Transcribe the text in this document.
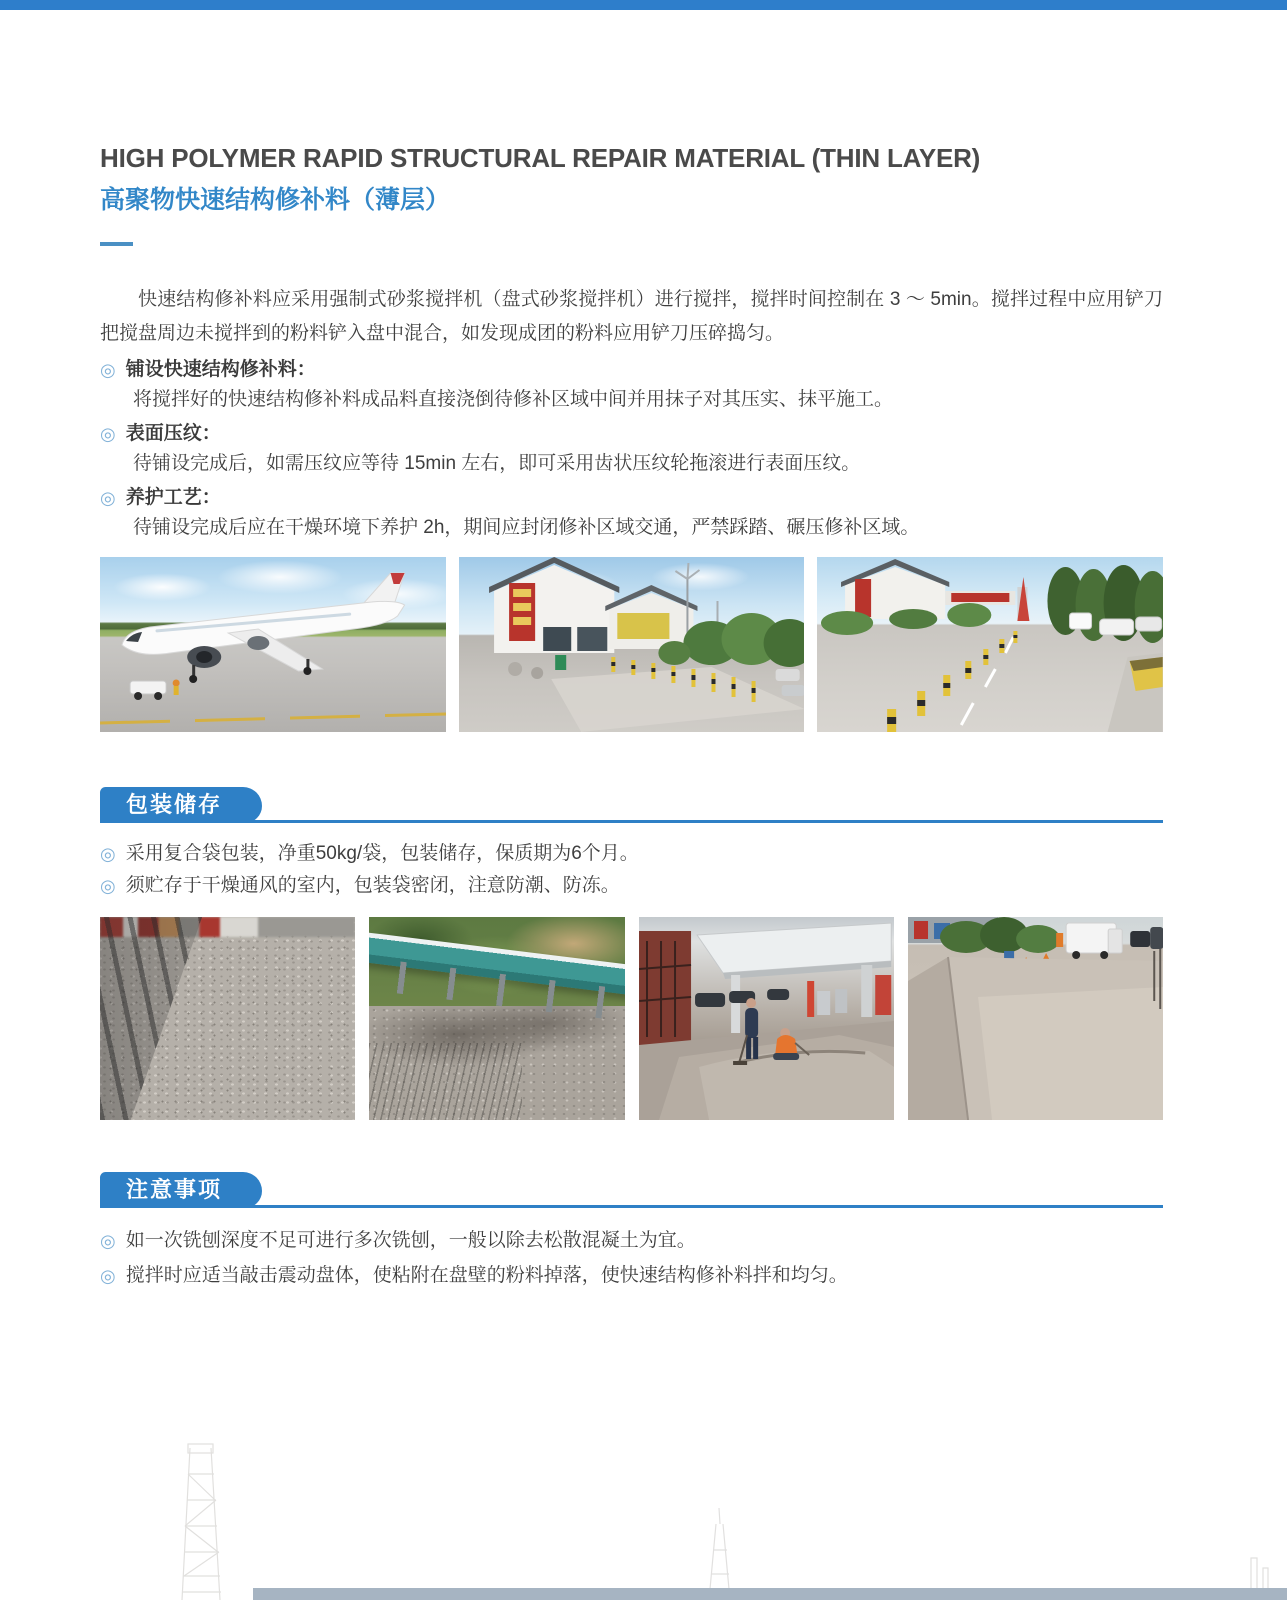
HIGH POLYMER RAPID STRUCTURAL REPAIR MATERIAL (THIN LAYER)
高聚物快速结构修补料（薄层）

快速结构修补料应采用强制式砂浆搅拌机（盘式砂浆搅拌机）进行搅拌，搅拌时间控制在 3 ～ 5min。搅拌过程中应用铲刀把搅盘周边未搅拌到的粉料铲入盘中混合，如发现成团的粉料应用铲刀压碎捣匀。

◎ 铺设快速结构修补料：
将搅拌好的快速结构修补料成品料直接浇倒待修补区域中间并用抹子对其压实、抹平施工。
◎ 表面压纹：
待铺设完成后，如需压纹应等待 15min 左右，即可采用齿状压纹轮拖滚进行表面压纹。
◎ 养护工艺：
待铺设完成后应在干燥环境下养护 2h，期间应封闭修补区域交通，严禁踩踏、碾压修补区域。
包装储存
◎ 采用复合袋包装，净重50kg/袋，包装储存，保质期为6个月。
◎ 须贮存于干燥通风的室内，包装袋密闭，注意防潮、防冻。
注意事项
◎ 如一次铣刨深度不足可进行多次铣刨，一般以除去松散混凝土为宜。
◎ 搅拌时应适当敲击震动盘体，使粘附在盘壁的粉料掉落，使快速结构修补料拌和均匀。
